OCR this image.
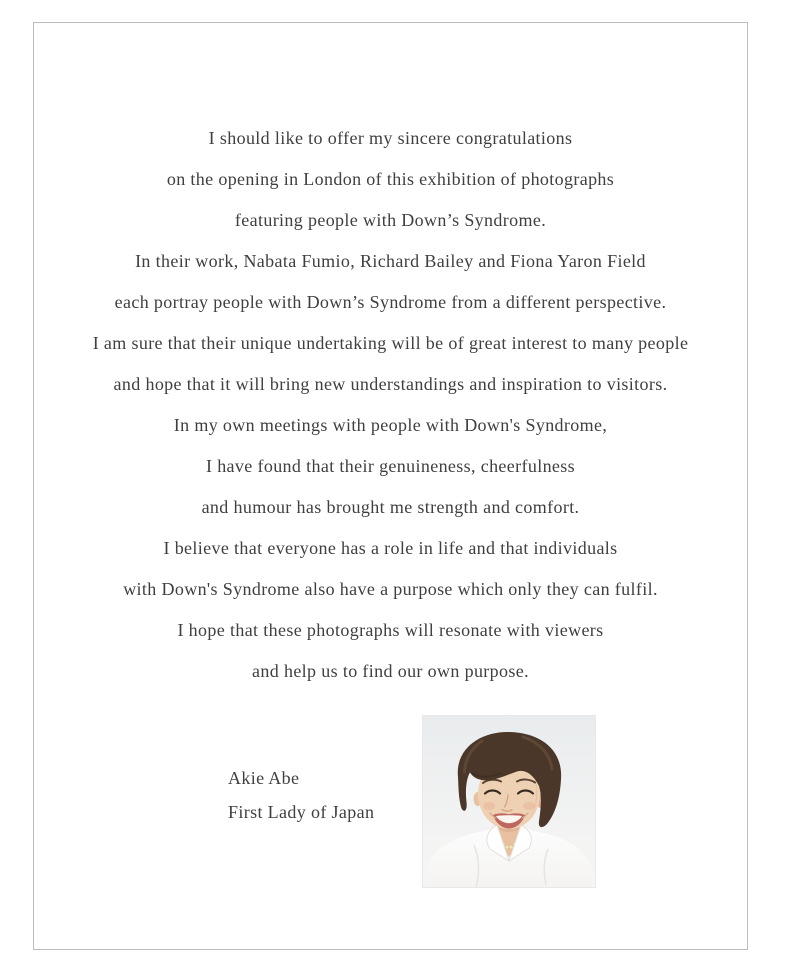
I should like to offer my sincere congratulations
on the opening in London of this exhibition of photographs
featuring people with Down’s Syndrome.
In their work, Nabata Fumio, Richard Bailey and Fiona Yaron Field
each portray people with Down’s Syndrome from a different perspective.
I am sure that their unique undertaking will be of great interest to many people
and hope that it will bring new understandings and inspiration to visitors.
In my own meetings with people with Down's Syndrome,
I have found that their genuineness, cheerfulness
and humour has brought me strength and comfort.
I believe that everyone has a role in life and that individuals
with Down's Syndrome also have a purpose which only they can fulfil.
I hope that these photographs will resonate with viewers
and help us to find our own purpose.
Akie Abe
First Lady of Japan
